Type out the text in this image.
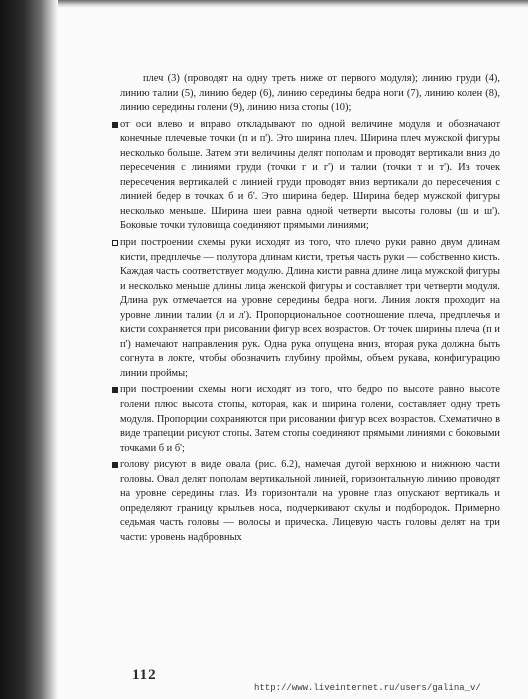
плеч (3) (проводят на одну треть ниже от первого модуля); линию груди (4), линию талии (5), линию бедер (6), линию середины бедра ноги (7), линию колен (8), линию середины голени (9), линию низа стопы (10);

от оси влево и вправо откладывают по одной величине модуля и обозначают конечные плечевые точки (п и п'). Это ширина плеч. Ширина плеч мужской фигуры несколько больше. Затем эти величины делят пополам и проводят вертикали вниз до пересечения с линиями груди (точки г и г') и талии (точки т и т'). Из точек пересечения вертикалей с линией груди проводят вниз вертикали до пересечения с линией бедер в точках б и б'. Это ширина бедер. Ширина бедер мужской фигуры несколько меньше. Ширина шеи равна одной четверти высоты головы (ш и ш'). Боковые точки туловища соединяют прямыми линиями;

при построении схемы руки исходят из того, что плечо руки равно двум длинам кисти, предплечье — полутора длинам кисти, третья часть руки — собственно кисть. Каждая часть соответствует модулю. Длина кисти равна длине лица мужской фигуры и несколько меньше длины лица женской фигуры и составляет три четверти модуля. Длина рук отмечается на уровне середины бедра ноги. Линия локтя проходит на уровне линии талии (л и л'). Пропорциональное соотношение плеча, предплечья и кисти сохраняется при рисовании фигур всех возрастов. От точек ширины плеча (п и п') намечают направления рук. Одна рука опущена вниз, вторая рука должна быть согнута в локте, чтобы обозначить глубину проймы, объем рукава, конфигурацию линии проймы;

при построении схемы ноги исходят из того, что бедро по высоте равно высоте голени плюс высота стопы, которая, как и ширина голени, составляет одну треть модуля. Пропорции сохраняются при рисовании фигур всех возрастов. Схематично в виде трапеции рисуют стопы. Затем стопы соединяют прямыми линиями с боковыми точками б и б';

голову рисуют в виде овала (рис. 6.2), намечая дугой верхнюю и нижнюю части головы. Овал делят пополам вертикальной линией, горизонтальную линию проводят на уровне середины глаз. Из горизонтали на уровне глаз опускают вертикаль и определяют границу крыльев носа, подчеркивают скулы и подбородок. Примерно седьмая часть головы — волосы и прическа. Лицевую часть головы делят на три части: уровень надбровных

112
http://www.liveinternet.ru/users/galina_v/
